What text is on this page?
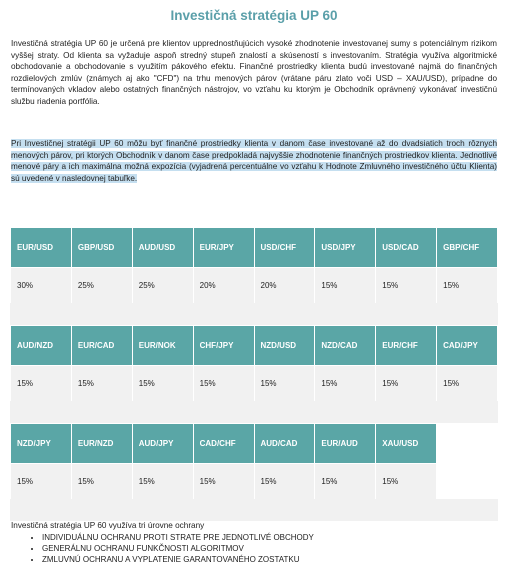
Investičná stratégia UP 60

Investičná stratégia UP 60 je určená pre klientov upprednostňujúcich vysoké zhodnotenie investovanej sumy s potenciálnym rizikom vyššej straty. Od klienta sa vyžaduje aspoň stredný stupeň znalostí a skúseností s investovaním. Stratégia využíva algoritmické obchodovanie a obchodovanie s využitím pákového efektu. Finančné prostriedky klienta budú investované najmä do finančných rozdielových zmlúv (známych aj ako "CFD") na trhu menových párov (vrátane páru zlato voči USD – XAU/USD), prípadne do termínovaných vkladov alebo ostatných finančných nástrojov, vo vzťahu ku ktorým je Obchodník oprávnený vykonávať investičnú službu riadenia portfólia.

Pri Investičnej stratégii UP 60 môžu byť finančné prostriedky klienta v danom čase investované až do dvadsiatich troch rôznych menových párov, pri ktorých Obchodník v danom čase predpokladá najvyššie zhodnotenie finančných prostriedkov klienta. Jednotlivé menové páry a ich maximálna možná expozícia (vyjadrená percentuálne vo vzťahu k Hodnote Zmluvného investičného účtu Klienta) sú uvedené v nasledovnej tabuľke.

EUR/USD	GBP/USD	AUD/USD	EUR/JPY	USD/CHF	USD/JPY	USD/CAD	GBP/CHF
30%	25%	25%	20%	20%	15%	15%	15%
AUD/NZD	EUR/CAD	EUR/NOK	CHF/JPY	NZD/USD	NZD/CAD	EUR/CHF	CAD/JPY
15%	15%	15%	15%	15%	15%	15%	15%
NZD/JPY	EUR/NZD	AUD/JPY	CAD/CHF	AUD/CAD	EUR/AUD	XAU/USD	
15%	15%	15%	15%	15%	15%	15%	
Investičná stratégia UP 60 využíva tri úrovne ochrany
• INDIVIDUÁLNU OCHRANU PROTI STRATE PRE JEDNOTLIVÉ OBCHODY
• GENERÁLNU OCHRANU FUNKČNOSTI ALGORITMOV
• ZMLUVNÚ OCHRANU A VYPLATENIE GARANTOVANÉHO ZOSTATKU
